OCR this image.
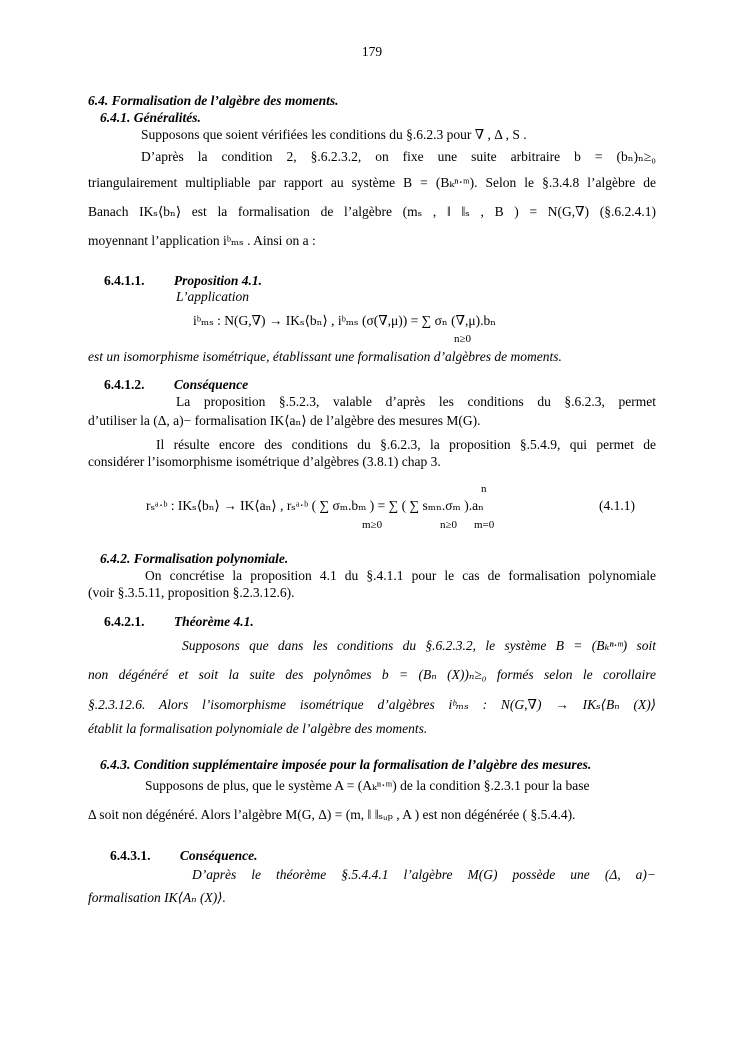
179
6.4. Formalisation de l’algèbre des moments.
6.4.1. Généralités.
Supposons que soient vérifiées les conditions du §.6.2.3 pour ∇ , Δ , S .
D’après la condition 2, §.6.2.3.2, on fixe une suite arbitraire b = (bₙ)ₙ≥₀
triangulairement multipliable par rapport au système B = (Bₖⁿ·ᵐ). Selon le §.3.4.8 l’algèbre de
Banach IKₛ⟨bₙ⟩ est la formalisation de l’algèbre (mₛ , ‖ ‖ₛ , B ) = N(G,∇) (§.6.2.4.1)
moyennant l’application iᵇₘₛ . Ainsi on a :
6.4.1.1. Proposition 4.1.
L’application
iᵇₘₛ : N(G,∇) → IKₛ⟨bₙ⟩ , iᵇₘₛ (σ(∇,μ)) = ∑ σₙ (∇,μ).bₙ
n≥0
est un isomorphisme isométrique, établissant une formalisation d’algèbres de moments.
6.4.1.2. Conséquence
La proposition §.5.2.3, valable d’après les conditions du §.6.2.3, permet
d’utiliser la (Δ, a)− formalisation IK⟨aₙ⟩ de l’algèbre des mesures M(G).
Il résulte encore des conditions du §.6.2.3, la proposition §.5.4.9, qui permet de
considérer l’isomorphisme isométrique d’algèbres (3.8.1) chap 3.
rₛᵃ·ᵇ : IKₛ⟨bₙ⟩ → IK⟨aₙ⟩ , rₛᵃ·ᵇ ( ∑ σₘ.bₘ ) = ∑ ( ∑ sₘₙ.σₘ ).aₙ
m≥0	n≥0 m=0
n
(4.1.1)
6.4.2. Formalisation polynomiale.
On concrétise la proposition 4.1 du §.4.1.1 pour le cas de formalisation polynomiale
(voir §.3.5.11, proposition §.2.3.12.6).
6.4.2.1. Théorème 4.1.
Supposons que dans les conditions du §.6.2.3.2, le système B = (Bₖⁿ·ᵐ) soit
non dégénéré et soit la suite des polynômes b = (Bₙ (X))ₙ≥₀ formés selon le corollaire
§.2.3.12.6. Alors l’isomorphisme isométrique d’algèbres iᵇₘₛ : N(G,∇) → IKₛ⟨Bₙ (X)⟩
établit la formalisation polynomiale de l’algèbre des moments.
6.4.3. Condition supplémentaire imposée pour la formalisation de l’algèbre des mesures.
Supposons de plus, que le système A = (Aₖⁿ·ᵐ) de la condition §.2.3.1 pour la base
Δ soit non dégénéré. Alors l’algèbre M(G, Δ) = (m, ‖ ‖ₛᵤₚ , A ) est non dégénérée ( §.5.4.4).
6.4.3.1. Conséquence.
D’après le théorème §.5.4.4.1 l’algèbre M(G) possède une (Δ, a)−
formalisation IK⟨Aₙ (X)⟩.
